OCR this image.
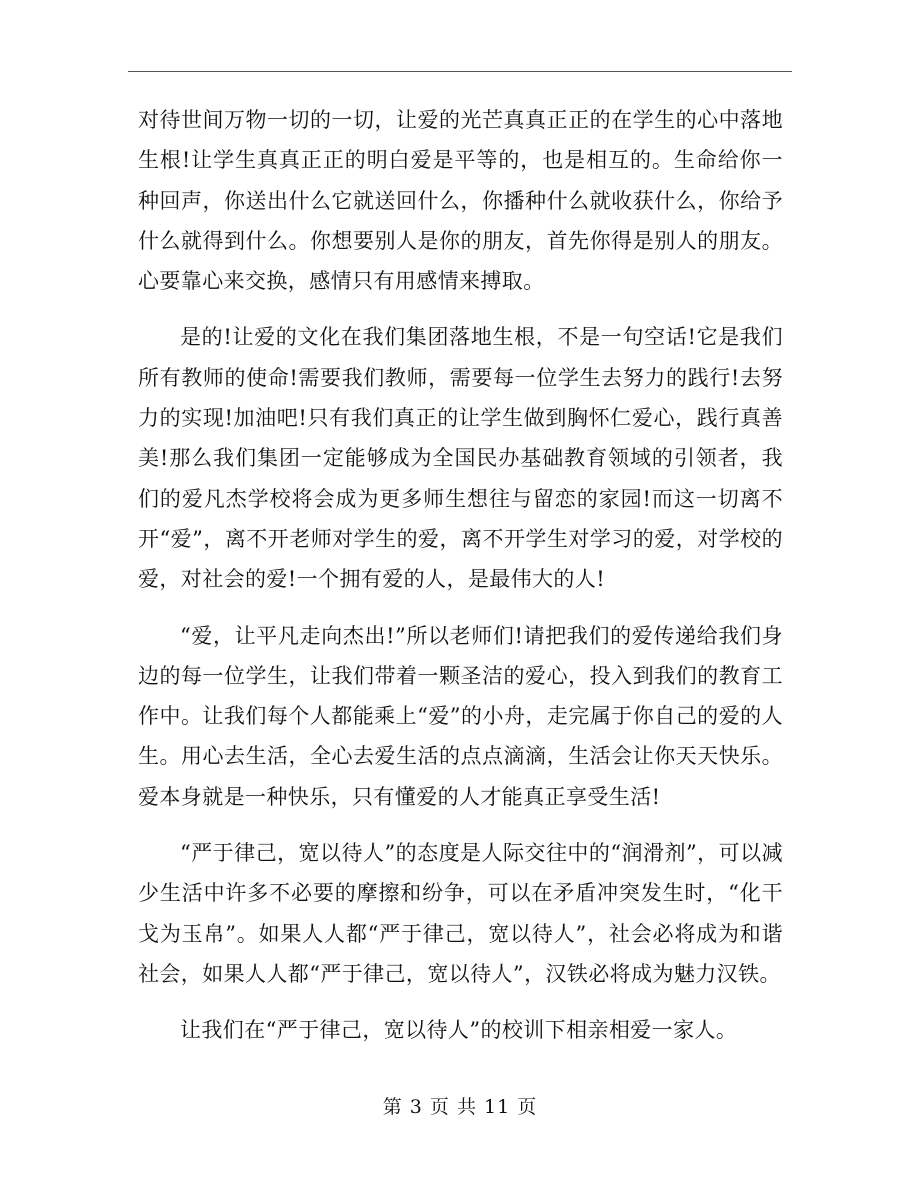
对待世间万物一切的一切，让爱的光芒真真正正的在学生的心中落地生根!让学生真真正正的明白爱是平等的，也是相互的。生命给你一种回声，你送出什么它就送回什么，你播种什么就收获什么，你给予什么就得到什么。你想要别人是你的朋友，首先你得是别人的朋友。心要靠心来交换，感情只有用感情来搏取。

是的!让爱的文化在我们集团落地生根，不是一句空话!它是我们所有教师的使命!需要我们教师，需要每一位学生去努力的践行!去努力的实现!加油吧!只有我们真正的让学生做到胸怀仁爱心，践行真善美!那么我们集团一定能够成为全国民办基础教育领域的引领者，我们的爱凡杰学校将会成为更多师生想往与留恋的家园!而这一切离不开“爱”，离不开老师对学生的爱，离不开学生对学习的爱，对学校的爱，对社会的爱!一个拥有爱的人，是最伟大的人!

“爱，让平凡走向杰出!”所以老师们!请把我们的爱传递给我们身边的每一位学生，让我们带着一颗圣洁的爱心，投入到我们的教育工作中。让我们每个人都能乘上“爱”的小舟，走完属于你自己的爱的人生。用心去生活，全心去爱生活的点点滴滴，生活会让你天天快乐。爱本身就是一种快乐，只有懂爱的人才能真正享受生活!

“严于律己，宽以待人”的态度是人际交往中的“润滑剂”，可以减少生活中许多不必要的摩擦和纷争，可以在矛盾冲突发生时，“化干戈为玉帛”。如果人人都“严于律己，宽以待人”，社会必将成为和谐社会，如果人人都“严于律己，宽以待人”，汉铁必将成为魅力汉铁。

让我们在“严于律己，宽以待人”的校训下相亲相爱一家人。

第 3 页 共 11 页
